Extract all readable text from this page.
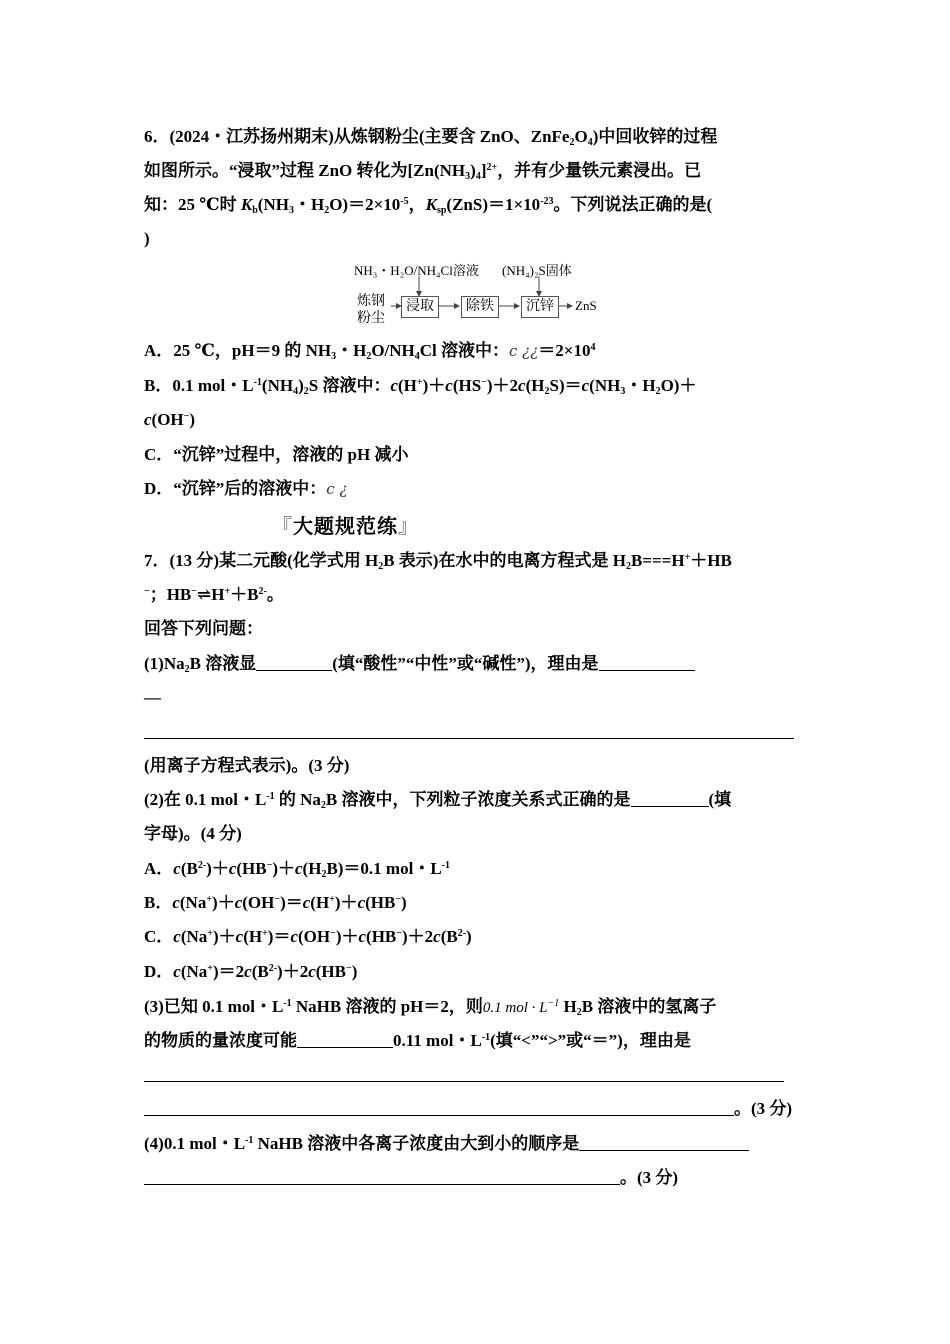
6．(2024・江苏扬州期末)从炼钢粉尘(主要含 ZnO、$ZnFe_2O_4$)中回收锌的过程
如图所示。“浸取”过程 ZnO 转化为$[Zn(NH_3)_4]^{2+}$，并有少量铁元素浸出。已
知：25 ℃时 $K_b(NH_3$・$H_2O)=2\times 10^{-5}$，$K_{sp}(ZnS)=1\times 10^{-23}$。下列说法正确的是(
)
NH₃・H₂O/NH₄Cl溶液 (NH₄)₂S固体
炼钢
粉尘
浸取	除铁	沉锌	ZnS
A．25 ℃，pH＝9 的 $NH_3$・$H_2O/NH_4Cl$ 溶液中：c ¿¿$=2\times 10^4$
B．0.1 mol・$L^{-1}(NH_4)_2S$ 溶液中：$c(H^+)+c(HS^-)+2c(H_2S)=c(NH_3$・$H_2O)+$
c(OH−)
C．“沉锌”过程中，溶液的 pH 减小
D．“沉锌”后的溶液中：c ¿
『大题规范练』
7．(13 分)某二元酸(化学式用 $H_2B$ 表示)在水中的电离方程式是 $H_2B===H^++HB$
−；$HB^-\rightleftharpoons H^++B^{2-}$。
回答下列问题：
$(1)Na_2B$ 溶液显	(填“酸性”“中性”或“碱性”)，理由是
—
(用离子方程式表示)。(3 分)
(2)在 0.1 mol・$L^{-1}$ 的 $Na_2B$ 溶液中，下列粒子浓度关系式正确的是	(填
字母)。(4 分)
A．$c(B^{2-})+c(HB^-)+c(H_2B)=0.1$ mol・$L^{-1}$
B．c(Na+)＋c(OH−)＝c(H+)＋c(HB−)
C．$c(Na^+)+c(H^+)=c(OH^-)+c(HB^-)+2c(B^{2-})$
D．$c(Na^+)=2c(B^{2-})+2c(HB^-)$
(3)已知 0.1 mol・$L^{-1}$ NaHB 溶液的 pH＝2，则0.1 mol · $L^{-1}$ $H_2B$ 溶液中的氢离子
的物质的量浓度可能	0.11 mol・$L^{-1}$(填“<”“>”或“＝”)，理由是
。(3 分)
(4)0.1 mol・$L^{-1}$ NaHB 溶液中各离子浓度由大到小的顺序是
。(3 分)
